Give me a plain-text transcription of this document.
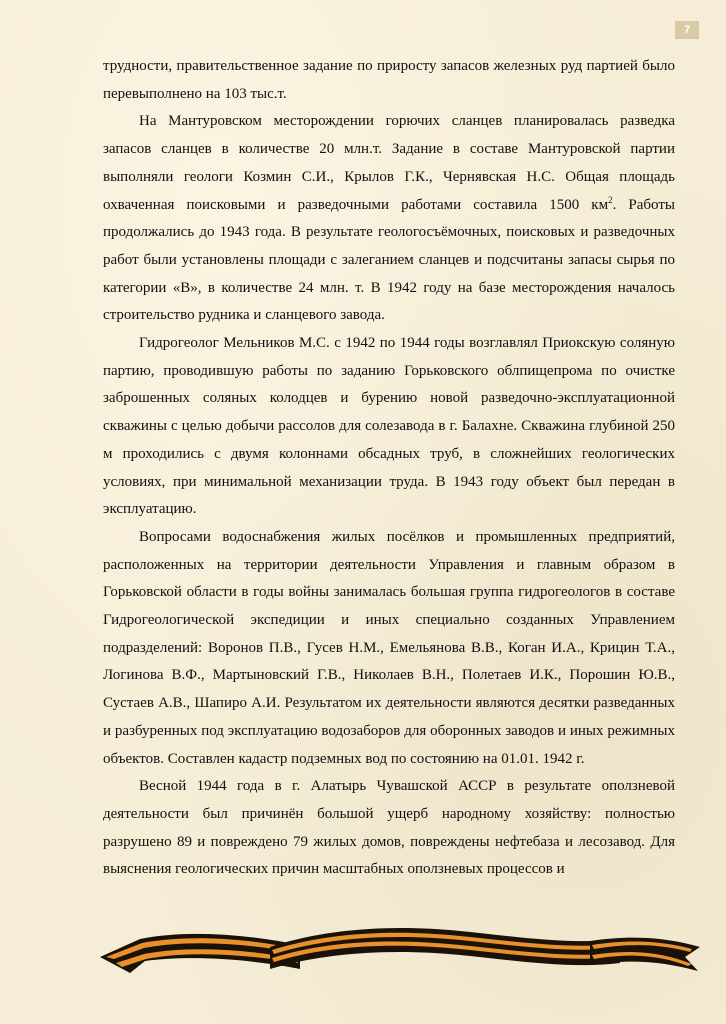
7

трудности, правительственное задание по приросту запасов железных руд партией было перевыполнено на 103 тыс.т.

На Мантуровском месторождении горючих сланцев планировалась разведка запасов сланцев в количестве 20 млн.т. Задание в составе Мантуровской партии выполняли геологи Козмин С.И., Крылов Г.К., Чернявская Н.С. Общая площадь охваченная поисковыми и разведочными работами составила 1500 $км^2$. Работы продолжались до 1943 года. В результате геологосъёмочных, поисковых и разведочных работ были установлены площади с залеганием сланцев и подсчитаны запасы сырья по категории «В», в количестве 24 млн. т. В 1942 году на базе месторождения началось строительство рудника и сланцевого завода.

Гидрогеолог Мельников М.С. с 1942 по 1944 годы возглавлял Приокскую соляную партию, проводившую работы по заданию Горьковского облпищепрома по очистке заброшенных соляных колодцев и бурению новой разведочно-эксплуатационной скважины с целью добычи рассолов для солезавода в г. Балахне. Скважина глубиной 250 м проходились с двумя колоннами обсадных труб, в сложнейших геологических условиях, при минимальной механизации труда. В 1943 году объект был передан в эксплуатацию.

Вопросами водоснабжения жилых посёлков и промышленных предприятий, расположенных на территории деятельности Управления и главным образом в Горьковской области в годы войны занималась большая группа гидрогеологов в составе Гидрогеологической экспедиции и иных специально созданных Управлением подразделений: Воронов П.В., Гусев Н.М., Емельянова В.В., Коган И.А., Крицин Т.А., Логинова В.Ф., Мартыновский Г.В., Николаев В.Н., Полетаев И.К., Порошин Ю.В., Сустаев А.В., Шапиро А.И. Результатом их деятельности являются десятки разведанных и разбуренных под эксплуатацию водозаборов для оборонных заводов и иных режимных объектов. Составлен кадастр подземных вод по состоянию на 01.01. 1942 г.

Весной 1944 года в г. Алатырь Чувашской АССР в результате оползневой деятельности был причинён большой ущерб народному хозяйству: полностью разрушено 89 и повреждено 79 жилых домов, повреждены нефтебаза и лесозавод. Для выяснения геологических причин масштабных оползневых процессов и
